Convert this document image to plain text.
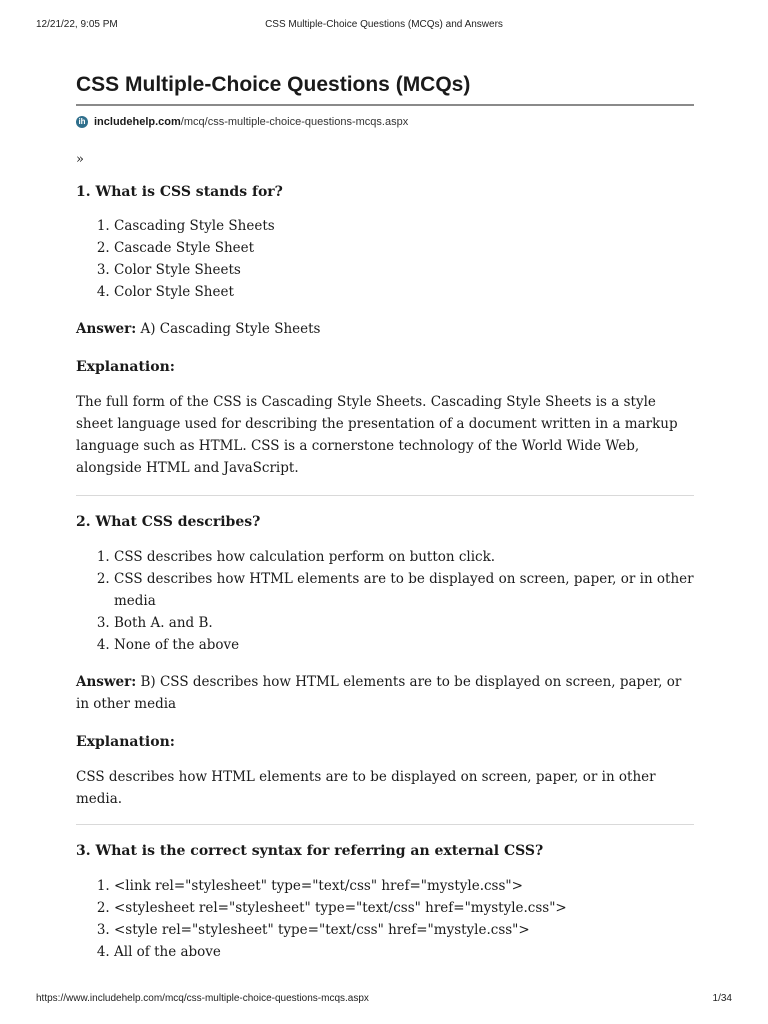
12/21/22, 9:05 PM	CSS Multiple-Choice Questions (MCQs) and Answers
CSS Multiple-Choice Questions (MCQs)
ih includehelp.com /mcq/css-multiple-choice-questions-mcqs.aspx
»

1. What is CSS stands for?

1. Cascading Style Sheets
2. Cascade Style Sheet
3. Color Style Sheets
4. Color Style Sheet

Answer: A) Cascading Style Sheets

Explanation:

The full form of the CSS is Cascading Style Sheets. Cascading Style Sheets is a style sheet language used for describing the presentation of a document written in a markup language such as HTML. CSS is a cornerstone technology of the World Wide Web, alongside HTML and JavaScript.

2. What CSS describes?

1. CSS describes how calculation perform on button click.
2. CSS describes how HTML elements are to be displayed on screen, paper, or in other media
3. Both A. and B.
4. None of the above

Answer: B) CSS describes how HTML elements are to be displayed on screen, paper, or in other media

Explanation:

CSS describes how HTML elements are to be displayed on screen, paper, or in other media.

3. What is the correct syntax for referring an external CSS?

1. <link rel="stylesheet" type="text/css" href="mystyle.css">
2. <stylesheet rel="stylesheet" type="text/css" href="mystyle.css">
3. <style rel="stylesheet" type="text/css" href="mystyle.css">
4. All of the above
https://www.includehelp.com/mcq/css-multiple-choice-questions-mcqs.aspx	1/34
